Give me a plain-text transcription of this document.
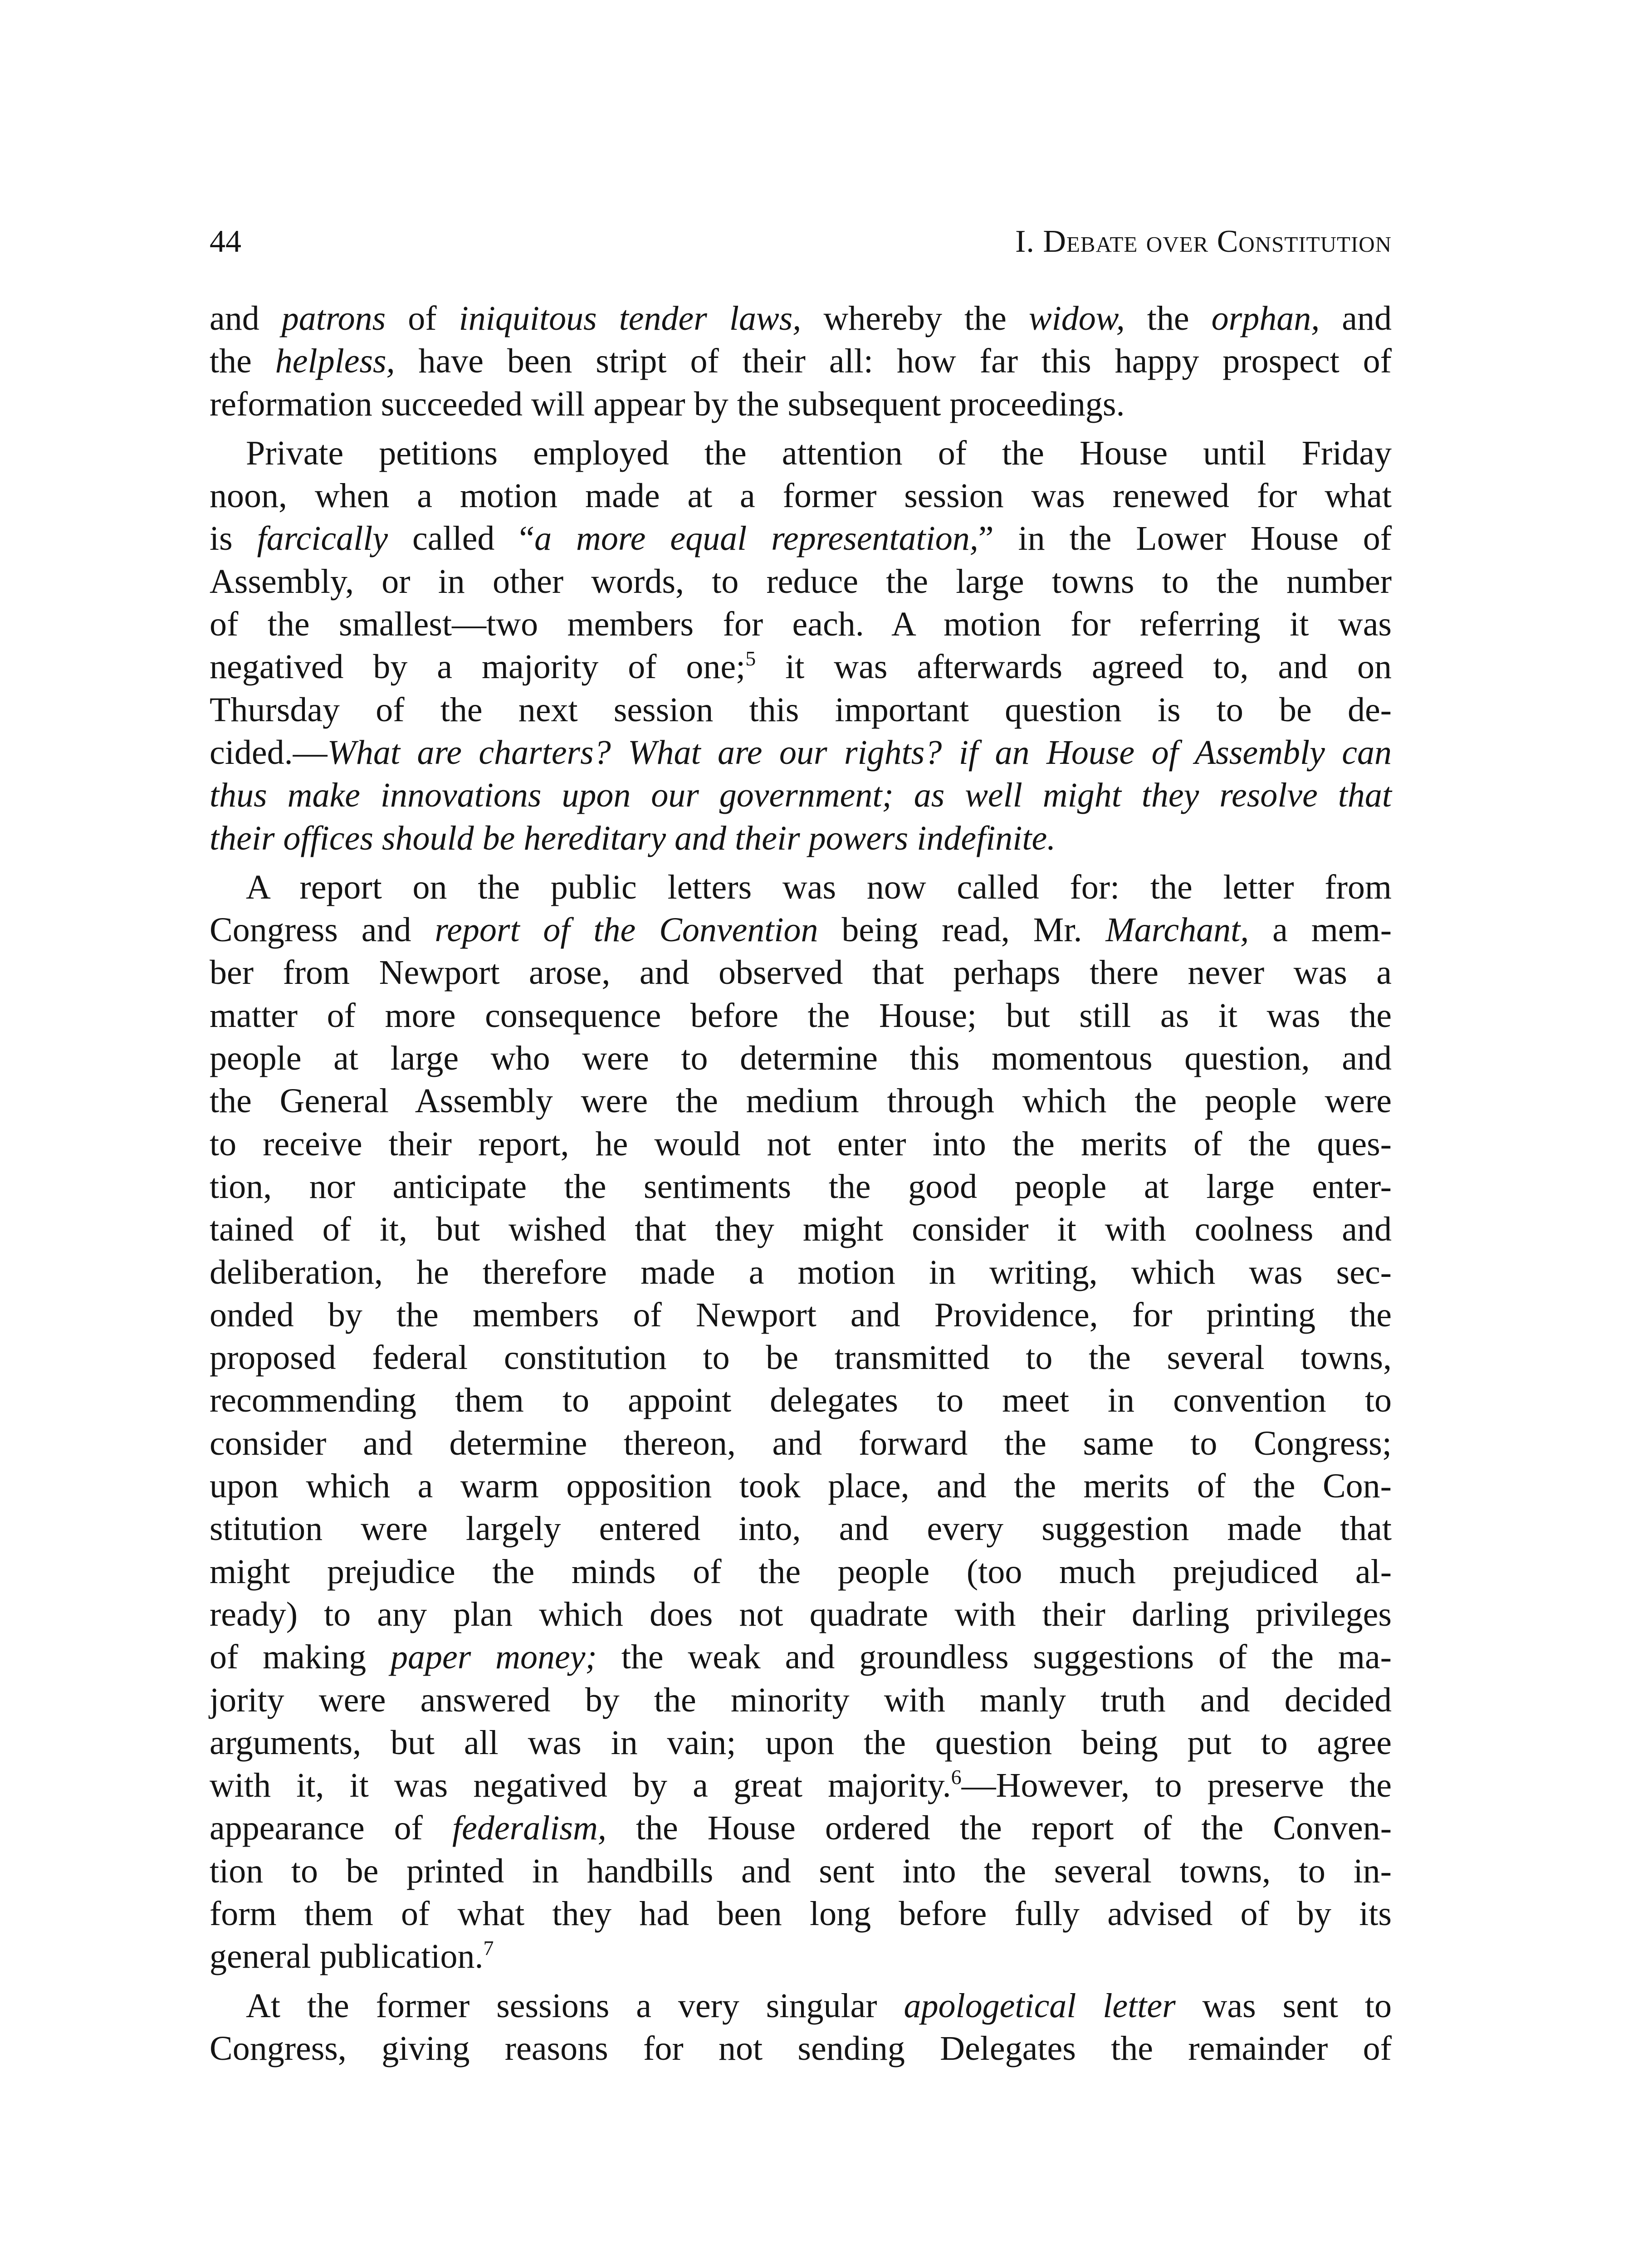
44	I. Debate over Constitution
and patrons of iniquitous tender laws, whereby the widow, the orphan, and
the helpless, have been stript of their all: how far this happy prospect of
reformation succeeded will appear by the subsequent proceedings.
Private petitions employed the attention of the House until Friday
noon, when a motion made at a former session was renewed for what
is farcically called “a more equal representation,” in the Lower House of
Assembly, or in other words, to reduce the large towns to the number
of the smallest—two members for each. A motion for referring it was
negatived by a majority of one;$^5$ it was afterwards agreed to, and on
Thursday of the next session this important question is to be de-
cided.—What are charters? What are our rights? if an House of Assembly can
thus make innovations upon our government; as well might they resolve that
their offices should be hereditary and their powers indefinite.
A report on the public letters was now called for: the letter from
Congress and report of the Convention being read, Mr. Marchant, a mem-
ber from Newport arose, and observed that perhaps there never was a
matter of more consequence before the House; but still as it was the
people at large who were to determine this momentous question, and
the General Assembly were the medium through which the people were
to receive their report, he would not enter into the merits of the ques-
tion, nor anticipate the sentiments the good people at large enter-
tained of it, but wished that they might consider it with coolness and
deliberation, he therefore made a motion in writing, which was sec-
onded by the members of Newport and Providence, for printing the
proposed federal constitution to be transmitted to the several towns,
recommending them to appoint delegates to meet in convention to
consider and determine thereon, and forward the same to Congress;
upon which a warm opposition took place, and the merits of the Con-
stitution were largely entered into, and every suggestion made that
might prejudice the minds of the people (too much prejudiced al-
ready) to any plan which does not quadrate with their darling privileges
of making paper money; the weak and groundless suggestions of the ma-
jority were answered by the minority with manly truth and decided
arguments, but all was in vain; upon the question being put to agree
with it, it was negatived by a great majority.$^6$—However, to preserve the
appearance of federalism, the House ordered the report of the Conven-
tion to be printed in handbills and sent into the several towns, to in-
form them of what they had been long before fully advised of by its
general publication.$^7$
At the former sessions a very singular apologetical letter was sent to
Congress, giving reasons for not sending Delegates the remainder of
